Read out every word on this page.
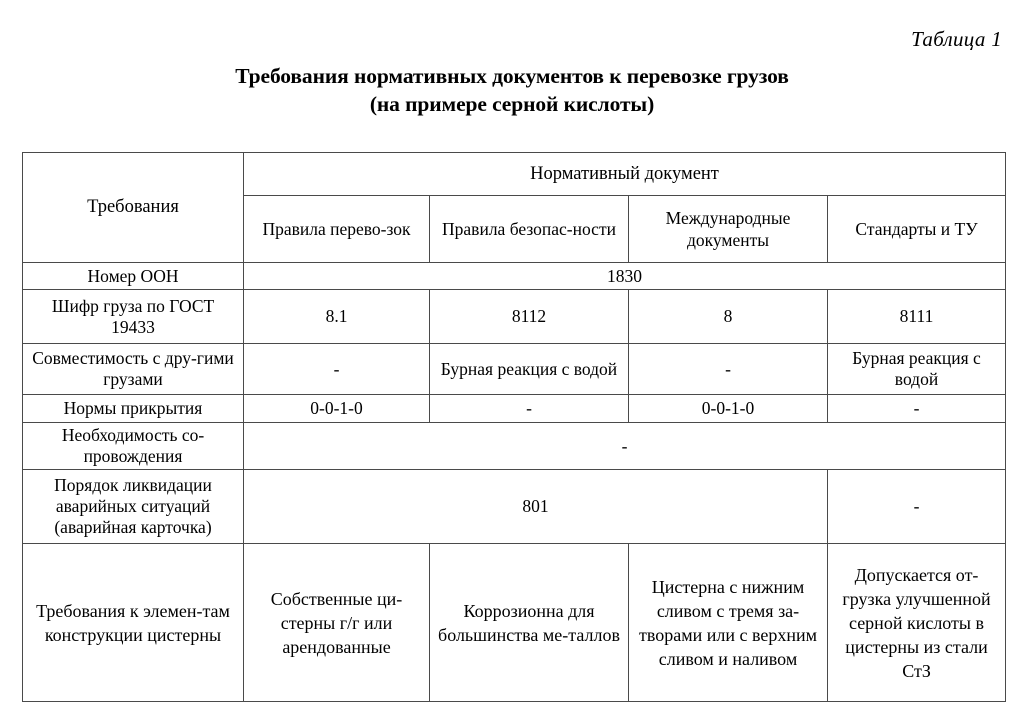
Таблица 1
Требования нормативных документов к перевозке грузов
(на примере серной кислоты)
Требования	Нормативный документ			
	Правила перево-зок	Правила безопас-ности	Международные документы	Стандарты и ТУ
Номер ООН	1830			
Шифр груза по ГОСТ 19433	8.1	8112	8	8111
Совместимость с дру-гими грузами	-	Бурная реакция с водой	-	Бурная реакция с водой
Нормы прикрытия	0-0-1-0	-	0-0-1-0	-
Необходимость со-провождения	-			
Порядок ликвидации аварийных ситуаций (аварийная карточка)	801			-
Требования к элемен-там конструкции цистерны	Собственные ци-стерны г/г или арендованные	Коррозионна для большинства ме-таллов	Цистерна с нижним сливом с тремя за-творами или с верхним сливом и наливом	Допускается от-грузка улучшенной серной кислоты в цистерны из стали СтЗ
